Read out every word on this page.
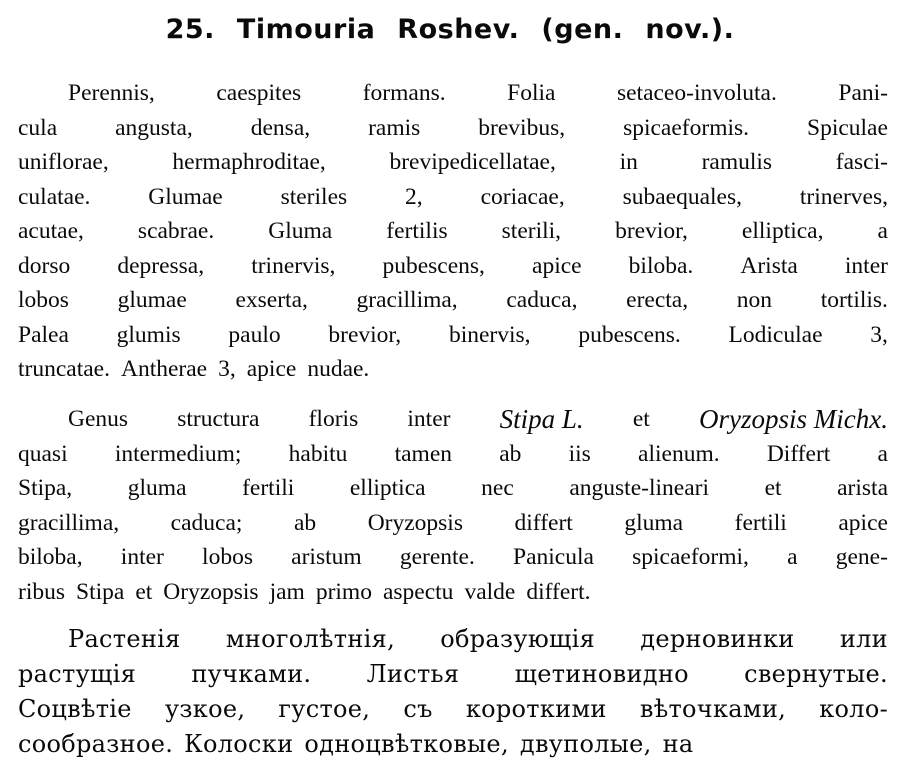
25. Timouria Roshev. (gen. nov.).
Perennis,	caespites	formans.	Folia	setaceo-involuta.	Pani-
cula angusta, densa, ramis brevibus, spicaeformis. Spiculae
uniflorae,	hermaphroditae,	brevipedicellatae,	in	ramulis	fasci-
culatae. Glumae steriles 2, coriacae, subaequales, trinerves,
acutae, scabrae. Gluma fertilis sterili, brevior, elliptica, a
dorso depressa, trinervis, pubescens, apice biloba. Arista inter
lobos glumae exserta, gracillima, caduca, erecta, non tortilis.
Palea glumis paulo brevior, binervis, pubescens. Lodiculae 3,
truncatae. Antherae 3, apice nudae.
Genus structura floris inter Stipa L. et Oryzopsis Michx.
quasi intermedium; habitu tamen ab iis alienum. Differt a
Stipa, gluma fertili elliptica nec anguste-lineari et arista
gracillima, caduca; ab Oryzopsis differt gluma fertili apice
biloba, inter lobos aristum gerente. Panicula spicaeformi, a gene-
ribus Stipa et Oryzopsis jam primo aspectu valde differt.
Растенія многолѣтнія, образующія дерновинки или
растущія пучками. Листья щетиновидно свернутые.
Соцвѣтіе узкое, густое, съ короткими вѣточками, коло-
сообразное. Колоски одноцвѣтковые, двуполые, на
